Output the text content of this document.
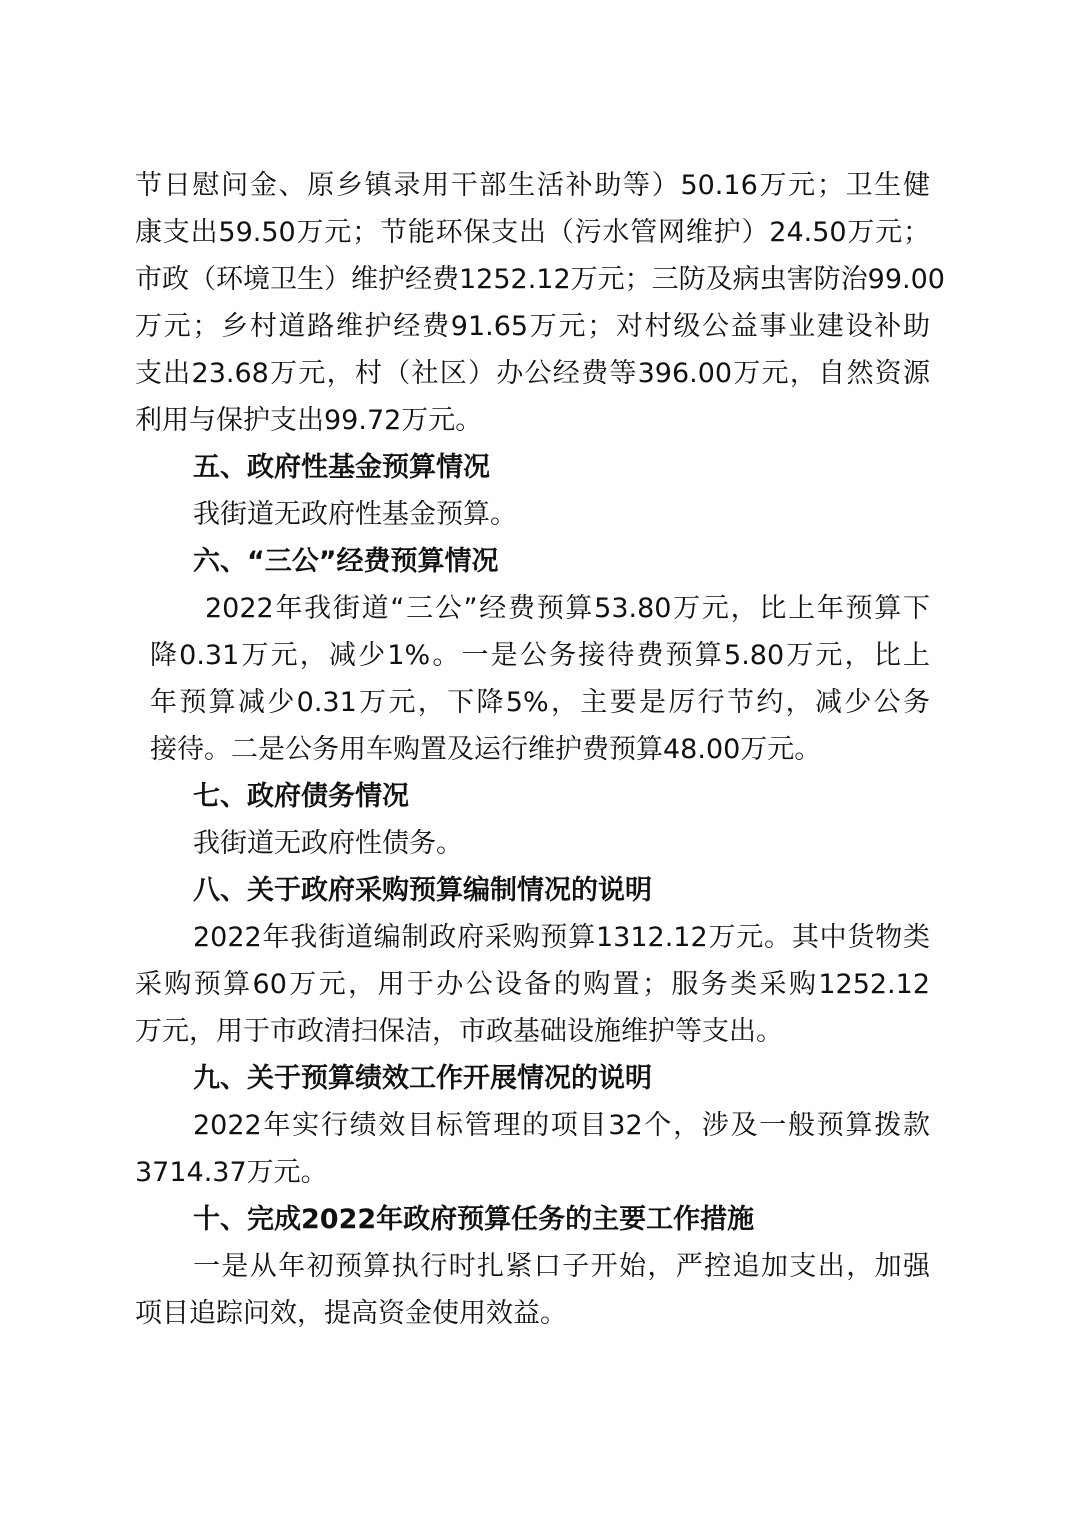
节日慰问金、原乡镇录用干部生活补助等）50.16万元；卫生健
康支出59.50万元；节能环保支出（污水管网维护）24.50万元；
市政（环境卫生）维护经费1252.12万元；三防及病虫害防治99.00
万元；乡村道路维护经费91.65万元；对村级公益事业建设补助
支出23.68万元，村（社区）办公经费等396.00万元，自然资源
利用与保护支出99.72万元。
五、政府性基金预算情况
我街道无政府性基金预算。
六、“三公”经费预算情况
2022年我街道“三公”经费预算53.80万元，比上年预算下
降0.31万元，减少1%。一是公务接待费预算5.80万元，比上
年预算减少0.31万元，下降5%，主要是厉行节约，减少公务
接待。二是公务用车购置及运行维护费预算48.00万元。
七、政府债务情况
我街道无政府性债务。
八、关于政府采购预算编制情况的说明
2022年我街道编制政府采购预算1312.12万元。其中货物类
采购预算60万元，用于办公设备的购置；服务类采购1252.12
万元，用于市政清扫保洁，市政基础设施维护等支出。
九、关于预算绩效工作开展情况的说明
2022年实行绩效目标管理的项目32个，涉及一般预算拨款
3714.37万元。
十、完成2022年政府预算任务的主要工作措施
一是从年初预算执行时扎紧口子开始，严控追加支出，加强
项目追踪问效，提高资金使用效益。
